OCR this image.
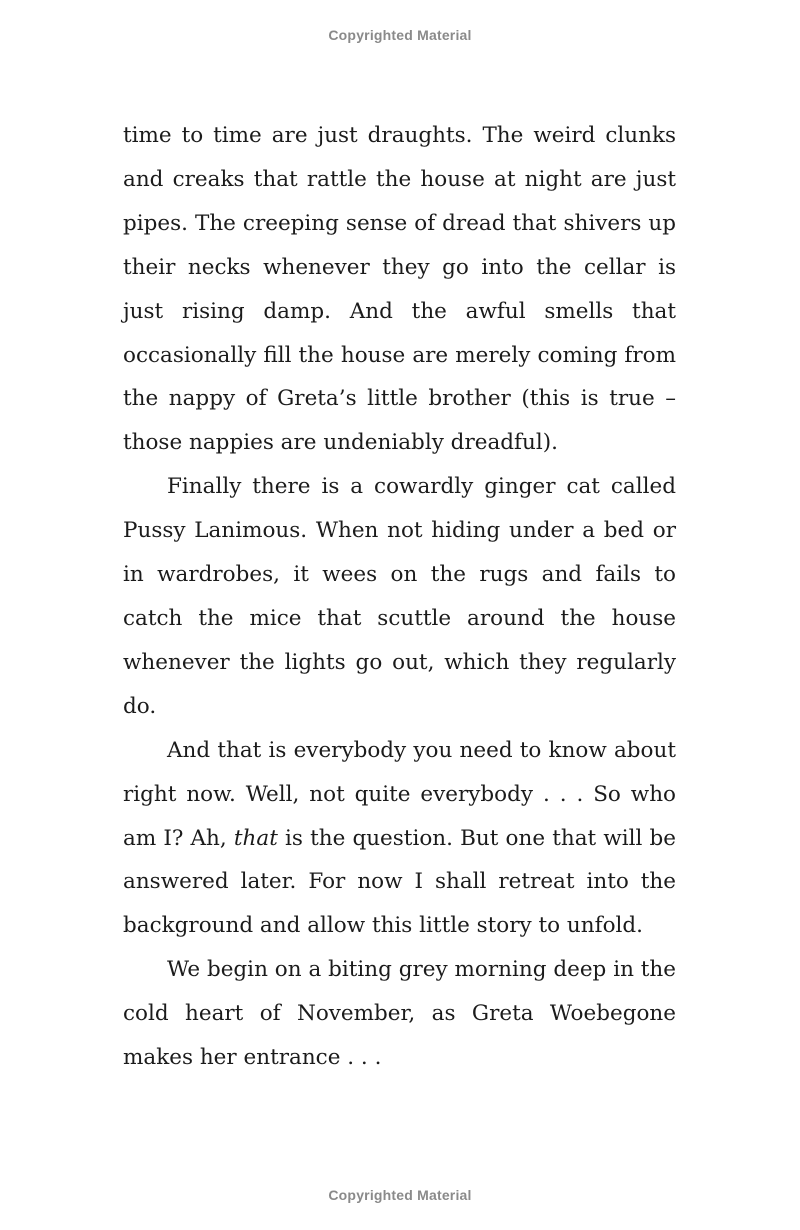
Copyrighted Material

time to time are just draughts. The weird clunks and creaks that rattle the house at night are just pipes. The creeping sense of dread that shivers up their necks whenever they go into the cellar is just rising damp. And the awful smells that occasionally fill the house are merely coming from the nappy of Greta’s little brother (this is true – those nappies are undeniably dreadful).

Finally there is a cowardly ginger cat called Pussy Lanimous. When not hiding under a bed or in wardrobes, it wees on the rugs and fails to catch the mice that scuttle around the house whenever the lights go out, which they regularly do.

And that is everybody you need to know about right now. Well, not quite everybody . . . So who am I? Ah, that is the question. But one that will be answered later. For now I shall retreat into the background and allow this little story to unfold.

We begin on a biting grey morning deep in the cold heart of November, as Greta Woebegone makes her entrance . . .

Copyrighted Material
